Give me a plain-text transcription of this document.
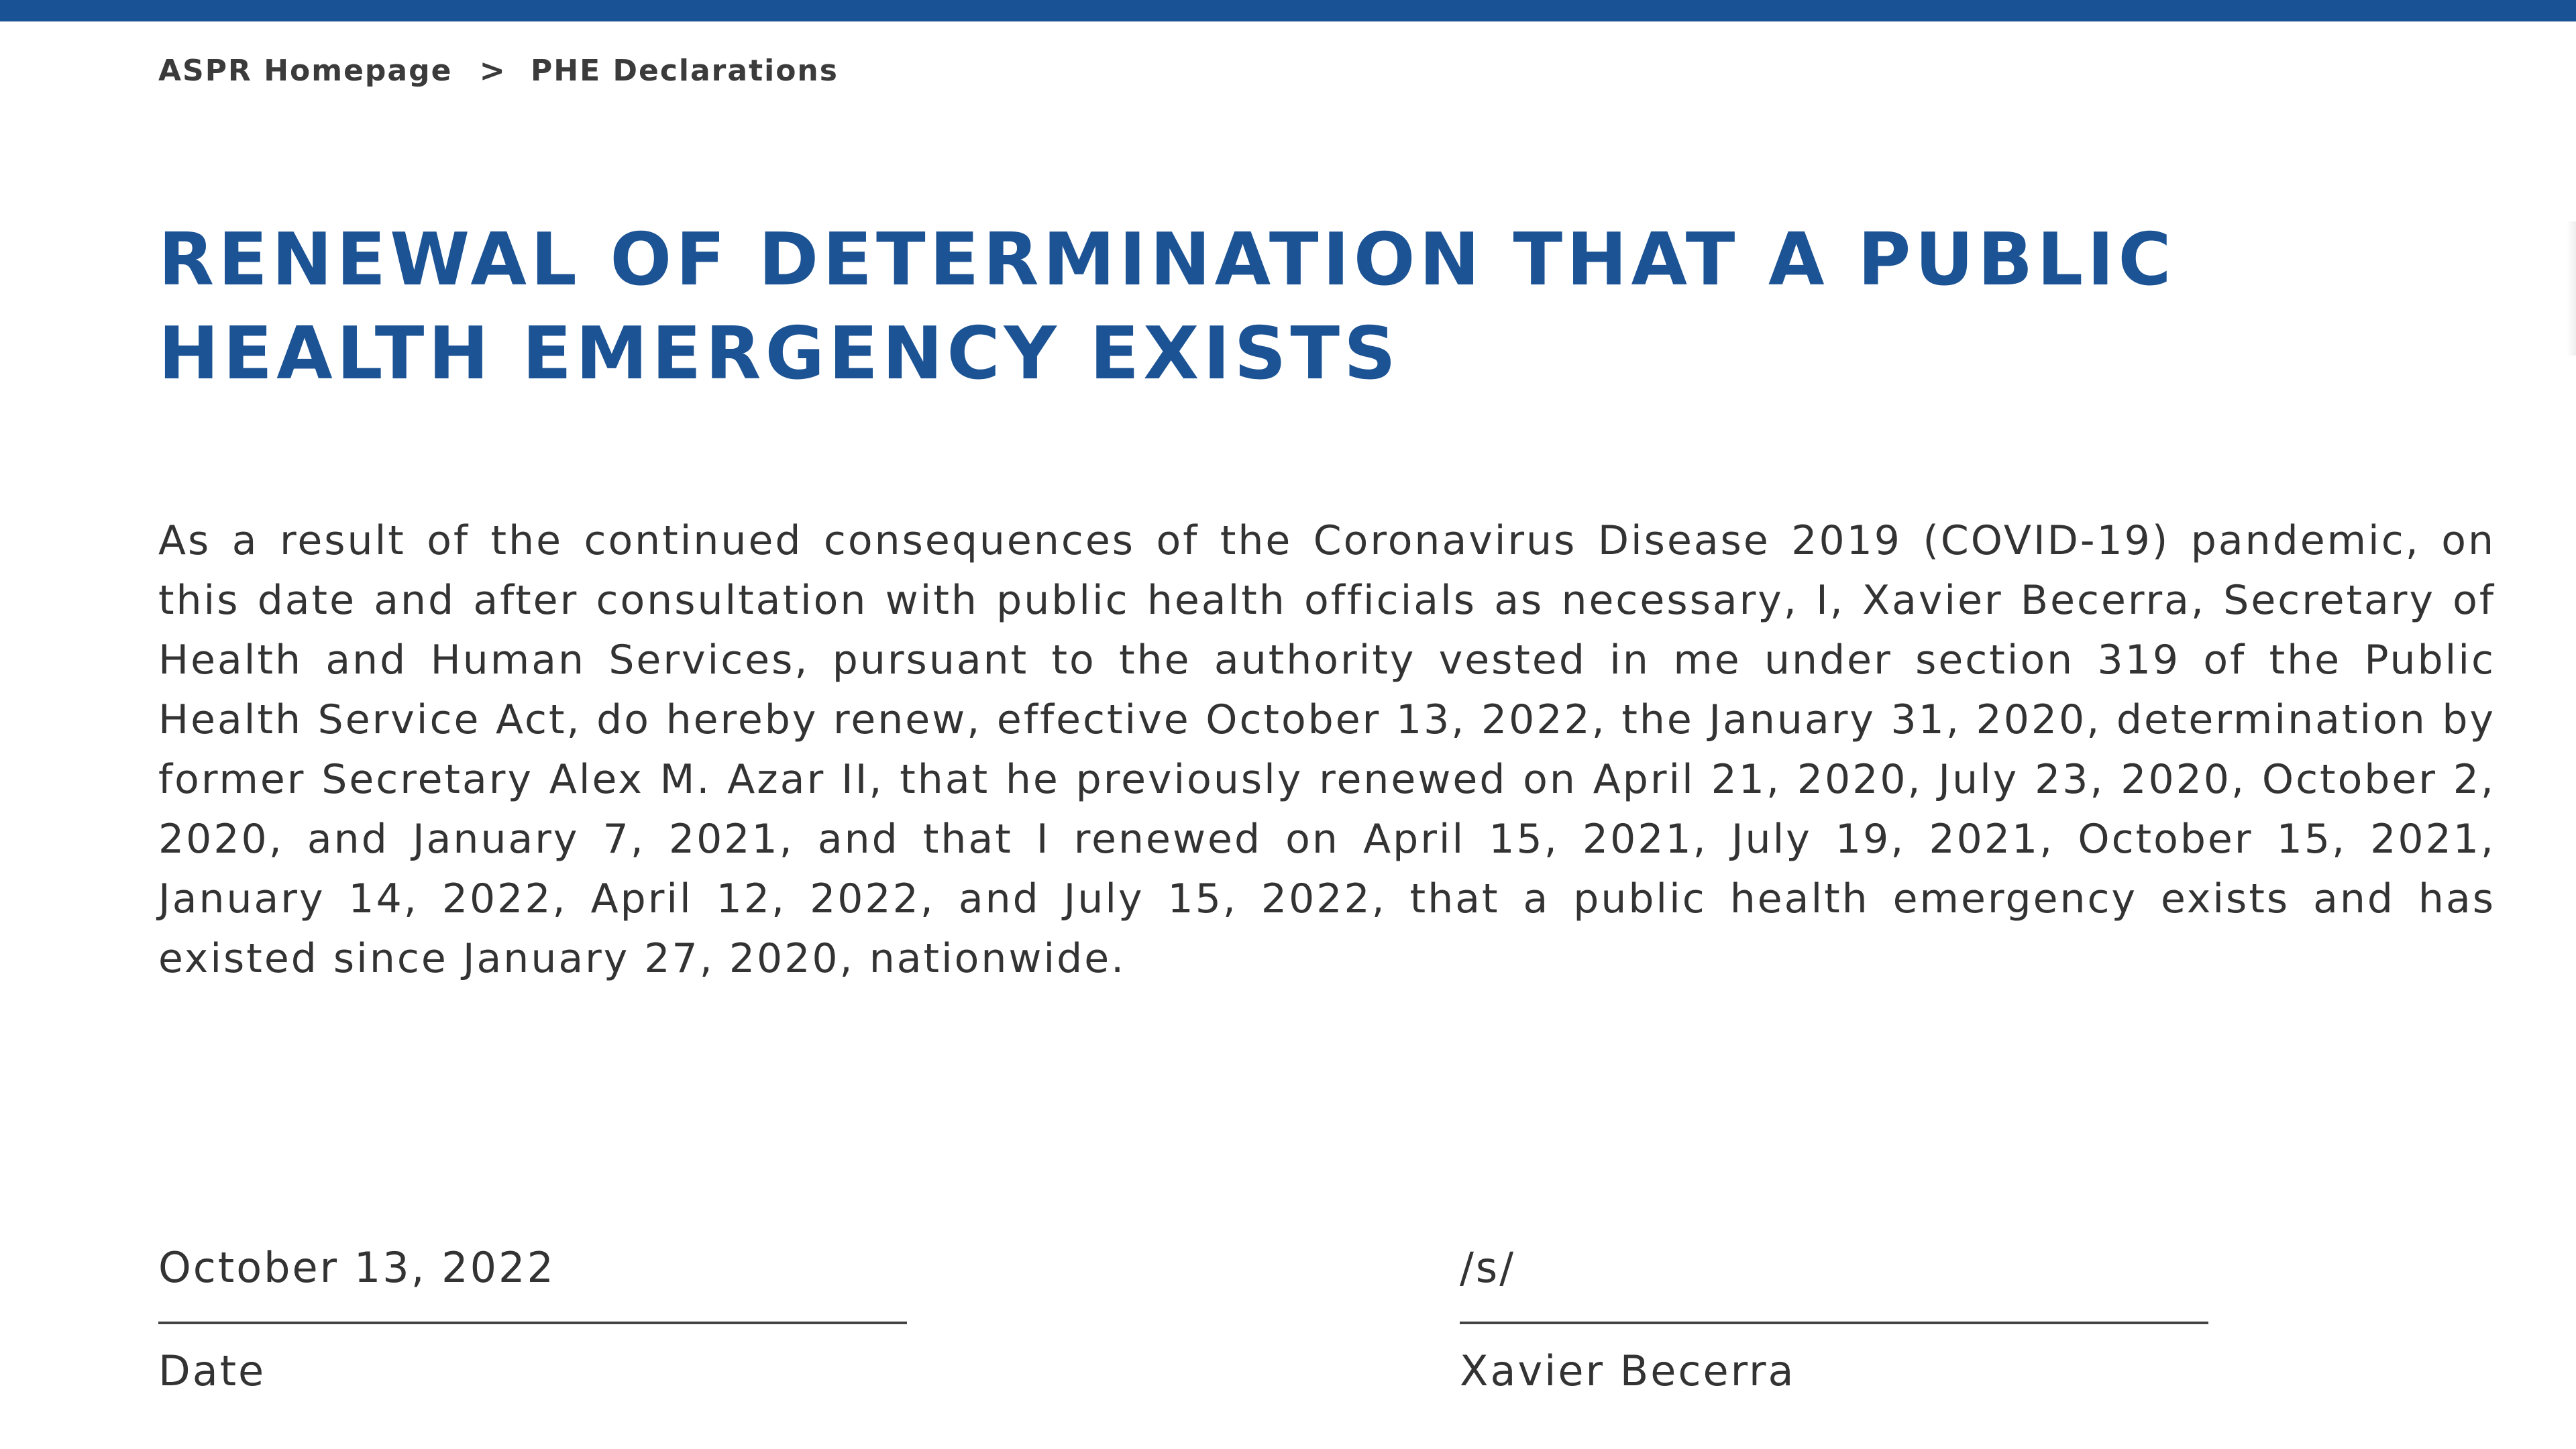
ASPR Homepage > PHE Declarations
RENEWAL OF DETERMINATION THAT A PUBLIC HEALTH EMERGENCY EXISTS

As a result of the continued consequences of the Coronavirus Disease 2019 (COVID-19) pandemic, on this date and after consultation with public health officials as necessary, I, Xavier Becerra, Secretary of Health and Human Services, pursuant to the authority vested in me under section 319 of the Public Health Service Act, do hereby renew, effective October 13, 2022, the January 31, 2020, determination by former Secretary Alex M. Azar II, that he previously renewed on April 21, 2020, July 23, 2020, October 2, 2020, and January 7, 2021, and that I renewed on April 15, 2021, July 19, 2021, October 15, 2021, January 14, 2022, April 12, 2022, and July 15, 2022, that a public health emergency exists and has existed since January 27, 2020, nationwide.

October 13, 2022
Date
/s/
Xavier Becerra
